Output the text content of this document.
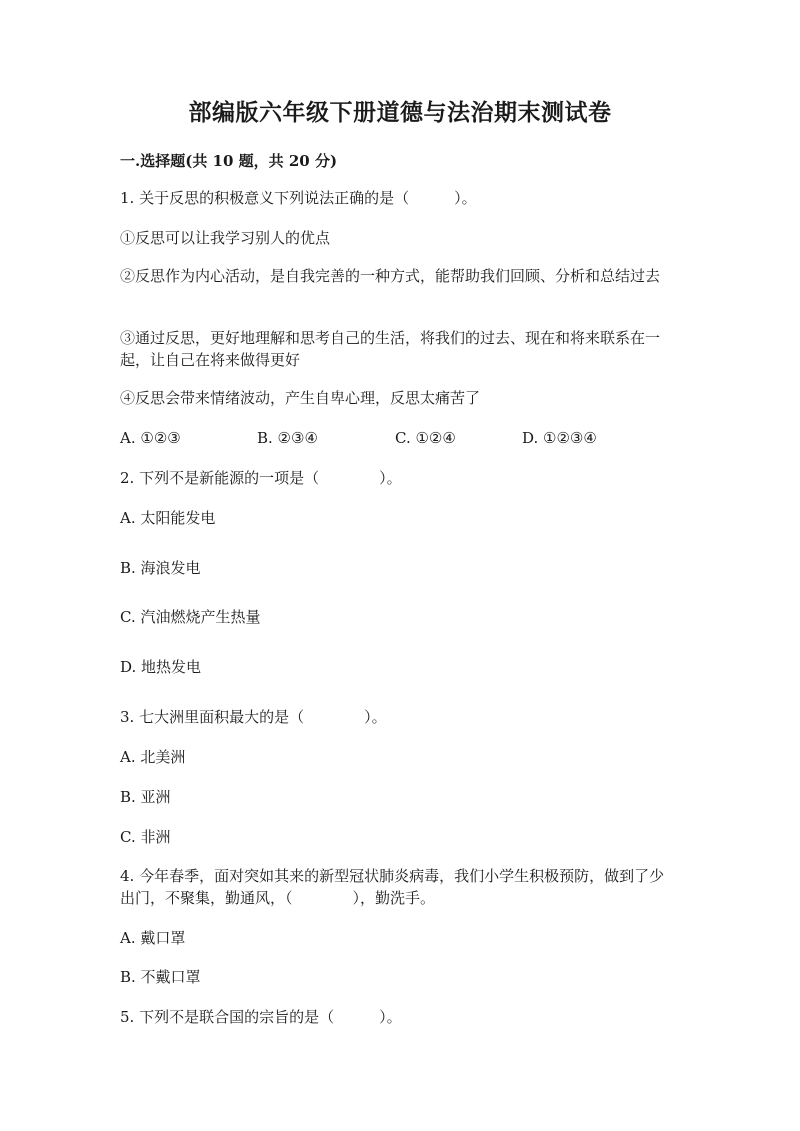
部编版六年级下册道德与法治期末测试卷
一.选择题(共 10 题，共 20 分)
1. 关于反思的积极意义下列说法正确的是（　　　）。
①反思可以让我学习别人的优点
②反思作为内心活动，是自我完善的一种方式，能帮助我们回顾、分析和总结过去
③通过反思，更好地理解和思考自己的生活，将我们的过去、现在和将来联系在一起，让自己在将来做得更好
④反思会带来情绪波动，产生自卑心理，反思太痛苦了
A. ①②③	B. ②③④	C. ①②④	D. ①②③④
2. 下列不是新能源的一项是（　　　　）。
A. 太阳能发电
B. 海浪发电
C. 汽油燃烧产生热量
D. 地热发电
3. 七大洲里面积最大的是（　　　　）。
A. 北美洲
B. 亚洲
C. 非洲
4. 今年春季，面对突如其来的新型冠状肺炎病毒，我们小学生积极预防，做到了少出门，不聚集，勤通风，（　　　　），勤洗手。
A. 戴口罩
B. 不戴口罩
5. 下列不是联合国的宗旨的是（　　　）。
